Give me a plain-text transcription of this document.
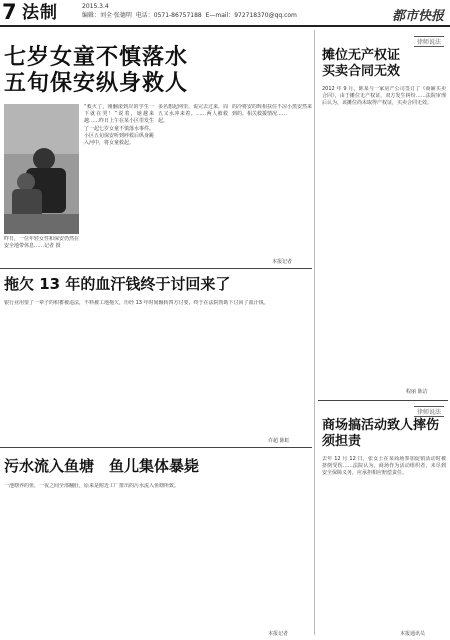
7 法制	2015.3.4
编辑：刘全·张德明 电话：0571-86757188 E—mail：972718370@qq.com	都市快报
七岁女童不慎落水
五旬保安纵身救人
昨日，一位年轻女性和保安仍然在安全地带休息……记者 摄
“救火了，刚翻滚到岸的学生一下就在哭！”说着，她越来越……昨日上午在某小区里发生了一起七岁女童不慎落水事件。小区五旬保安听到呼救后纵身跳入河中，将女童救起。
多名想起网里。说完去过来，周五又水冲来着。……两人被救起。
的冷将安的辉相扶住不凉小黑安然来到的。相关救援情况……
本报记者
拖欠 13 年的血汗钱终于讨回来了
银行业用要了一辈子的积蓄被违法，不料被工地拖欠，历经 13 年时间辗转四方讨要，终于在法院帮助下讨回了血汗钱。
许超 陈虹
污水流入鱼塘　鱼儿集体暴毙
一池塘养的鱼，一夜之间全部翻肚，原来是附近工厂排出的污水流入鱼塘所致。
本报记者
律师说法
摊位无产权证
买卖合同无效
2012 年 9 月，陈某与一家房产公司签订了《商铺买卖合同》，由于摊位无产权证，双方发生纠纷……法院审理后认为，该摊位尚未取得产权证，买卖合同无效。
程丽 陈洁
律师说法
商场搞活动致人摔伤
须担责
去年 12 月 12 日，张女士在某商场参加促销活动时被挤倒受伤……法院认为，商场作为活动组织者，未尽到安全保障义务，应承担相应赔偿责任。
本报通讯员
